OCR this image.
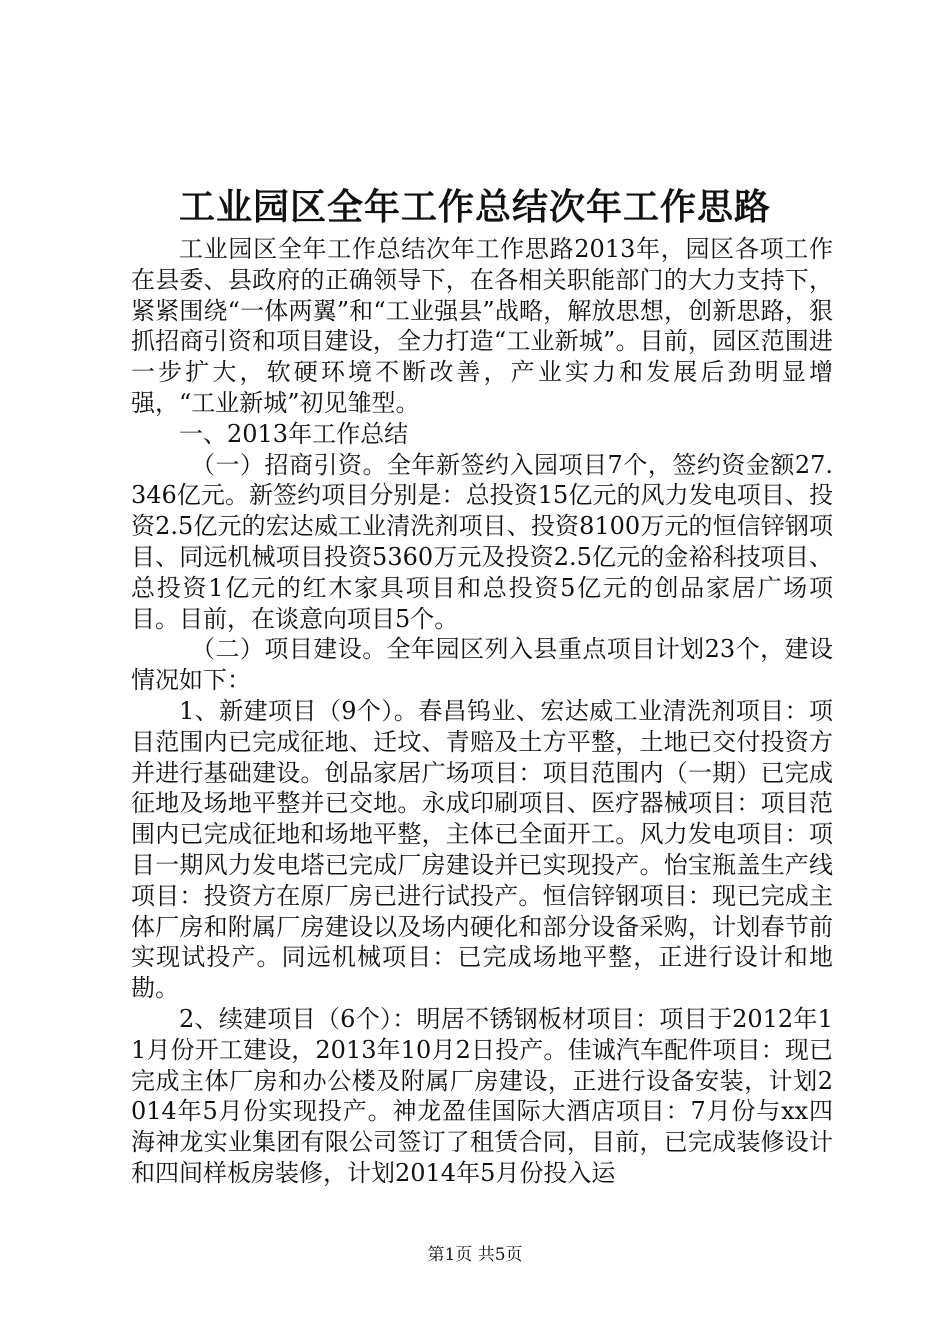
工业园区全年工作总结次年工作思路

工业园区全年工作总结次年工作思路2013年，园区各项工作在县委、县政府的正确领导下，在各相关职能部门的大力支持下，紧紧围绕“一体两翼”和“工业强县”战略，解放思想，创新思路，狠抓招商引资和项目建设，全力打造“工业新城”。目前，园区范围进一步扩大，软硬环境不断改善，产业实力和发展后劲明显增强，“工业新城”初见雏型。

一、2013年工作总结

（一）招商引资。全年新签约入园项目7个，签约资金额27.346亿元。新签约项目分别是：总投资15亿元的风力发电项目、投资2.5亿元的宏达威工业清洗剂项目、投资8100万元的恒信锌钢项目、同远机械项目投资5360万元及投资2.5亿元的金裕科技项目、总投资1亿元的红木家具项目和总投资5亿元的创品家居广场项目。目前，在谈意向项目5个。

（二）项目建设。全年园区列入县重点项目计划23个，建设情况如下：

1、新建项目（9个）。春昌钨业、宏达威工业清洗剂项目：项目范围内已完成征地、迁坟、青赔及土方平整，土地已交付投资方并进行基础建设。创品家居广场项目：项目范围内（一期）已完成征地及场地平整并已交地。永成印刷项目、医疗器械项目：项目范围内已完成征地和场地平整，主体已全面开工。风力发电项目：项目一期风力发电塔已完成厂房建设并已实现投产。怡宝瓶盖生产线项目：投资方在原厂房已进行试投产。恒信锌钢项目：现已完成主体厂房和附属厂房建设以及场内硬化和部分设备采购，计划春节前实现试投产。同远机械项目：已完成场地平整，正进行设计和地勘。

2、续建项目（6个）：明居不锈钢板材项目：项目于2012年11月份开工建设，2013年10月2日投产。佳诚汽车配件项目：现已完成主体厂房和办公楼及附属厂房建设，正进行设备安装，计划2014年5月份实现投产。神龙盈佳国际大酒店项目：7月份与xx四海神龙实业集团有限公司签订了租赁合同，目前，已完成装修设计和四间样板房装修，计划2014年5月份投入运

第1页 共5页
